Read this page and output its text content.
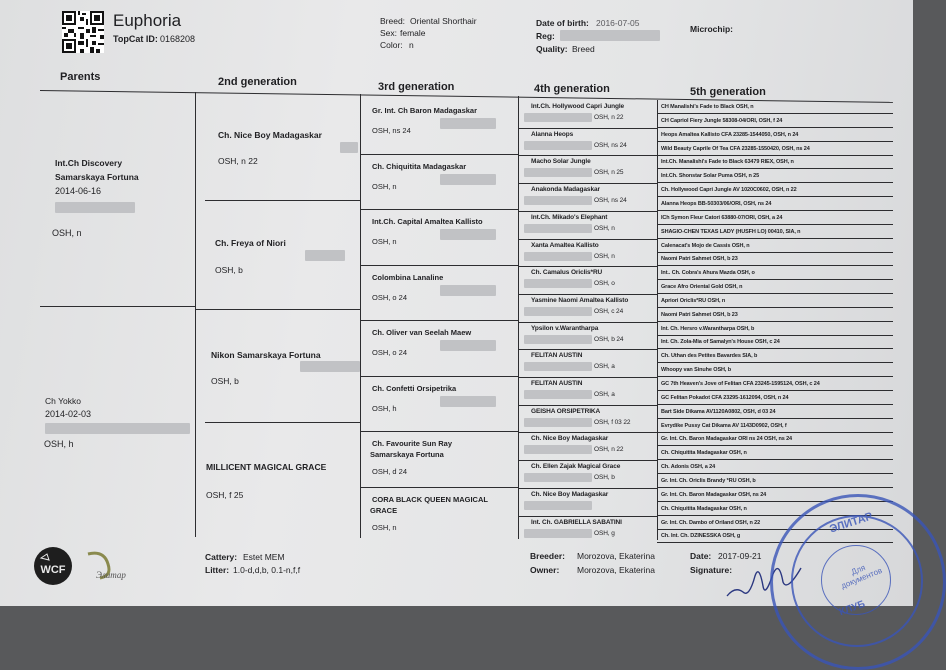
Euphoria
TopCat ID: 0168208
Breed: Oriental Shorthair
Sex: female
Color: n
Date of birth: 2016-07-05
Reg:
Quality: Breed
Microchip:
Parents	2nd generation	3rd generation	4th generation	5th generation
Gr. Int. Ch Baron Madagaskar
OSH, ns 24
Ch. Chiquitita Madagaskar
OSH, n
Int.Ch. Capital Amaltea Kallisto
OSH, n
Colombina Lanaline
OSH, o 24
Ch. Oliver van Seelah Maew
OSH, o 24
Ch. Confetti Orsipetrika
OSH, h
Ch. Favourite Sun Ray
Samarskaya Fortuna
OSH, d 24
CORA BLACK QUEEN MAGICAL
GRACE
OSH, n
Int.Ch. Hollywood Capri Jungle
OSH, n 22
Alanna Heops
OSH, ns 24
Macho Solar Jungle
OSH, n 25
Anakonda Madagaskar
OSH, ns 24
Int.Ch. Mikado's Elephant
OSH, n
Xanta Amaltea Kallisto
OSH, n
Ch. Camalus Oriclis*RU
OSH, o
Yasmine Naomi Amaltea Kallisto
OSH, c 24
Ypsilon v.Warantharpa
OSH, b 24
FELITAN AUSTIN
OSH, a
FELITAN AUSTIN
OSH, a
GEISHA ORSIPETRIKA
OSH, f 03 22
Ch. Nice Boy Madagaskar
OSH, n 22
Ch. Ellen Zajak Magical Grace
OSH, b
Ch. Nice Boy Madagaskar
Int. Ch. GABRIELLA SABATINI
OSH, g
CH Manalishi's Fade to Black OSH, n
CH Capriol Fiery Jungle 58308-04/ORI, OSH, f 24
Heops Amaltea Kallisto CFA 23285-1544050, OSH, n 24
Wild Beauty Caprile Of Tea CFA 23285-1550420, OSH, ns 24
Int.Ch. Manalishi's Fade to Black 63479 RIEX, OSH, n
Int.Ch. Shonstar Solar Puma OSH, n 25
Ch. Hollywood Capri Jungle AV 1020C0602, OSH, n 22
Alanna Heops BB-50303/06/ORI, OSH, ns 24
ICh Symon Fleur Catori 63880-07/ORI, OSH, a 24
SHAGIO-CHEN TEXAS LADY (HUSFH LO) 00410, SIA, n
Calenacat's Mojo de Cassis OSH, n
Naomi Patri Sahmet OSH, b 23
Int.. Ch. Cobra's Ahura Mazda OSH, o
Grace Afro Oriental Gold OSH, n
Apriori Oriclis*RU OSH, n
Naomi Patri Sahmet OSH, b 23
Int. Ch. Hersro v.Warantharpa OSH, b
Int. Ch. Zola-Mia of Samalyn's House OSH, c 24
Ch. Uthan des Petites Bavardes SIA, b
Whoopy van Sinuhe OSH, b
GC 7th Heaven's Jove of Felitan CFA 23245-1595124, OSH, c 24
GC Felitan Pokadot CFA 23295-1612094, OSH, n 24
Bart Side Dikama AV1120A0802, OSH, d 03 24
Evrydike Pussy Cat Dikama AV 1143D0902, OSH, f
Gr. Int. Ch. Baron Madagaskar ORI ns 24 OSH, ns 24
Ch. Chiquitita Madagaskar OSH, n
Ch. Adonis OSH, a 24
Gr. Int. Ch. Oriclis Brandy *RU OSH, b
Gr. Int. Ch. Baron Madagaskar OSH, ns 24
Ch. Chiquitita Madagaskar OSH, n
Gr. Int. Ch. Dambo of Oriland OSH, n 22
Ch. Int. Ch. DZINESSKA OSH, g
Int.Ch Discovery
Samarskaya Fortuna
2014-06-16
OSH, n
Ch Yokko
2014-02-03
OSH, h
Ch. Nice Boy Madagaskar
OSH, n 22
Ch. Freya of Niori
OSH, b
Nikon Samarskaya Fortuna
OSH, b
MILLICENT MAGICAL GRACE
OSH, f 25
WCF	Элитар
Cattery: Estet MEM
Litter: 1.0-d,d,b, 0.1-n,f,f
Breeder: Morozova, Ekaterina
Owner: Morozova, Ekaterina
Date: 2017-09-21
Signature:
ЭЛИТАР
Для документов
КЛУБ
